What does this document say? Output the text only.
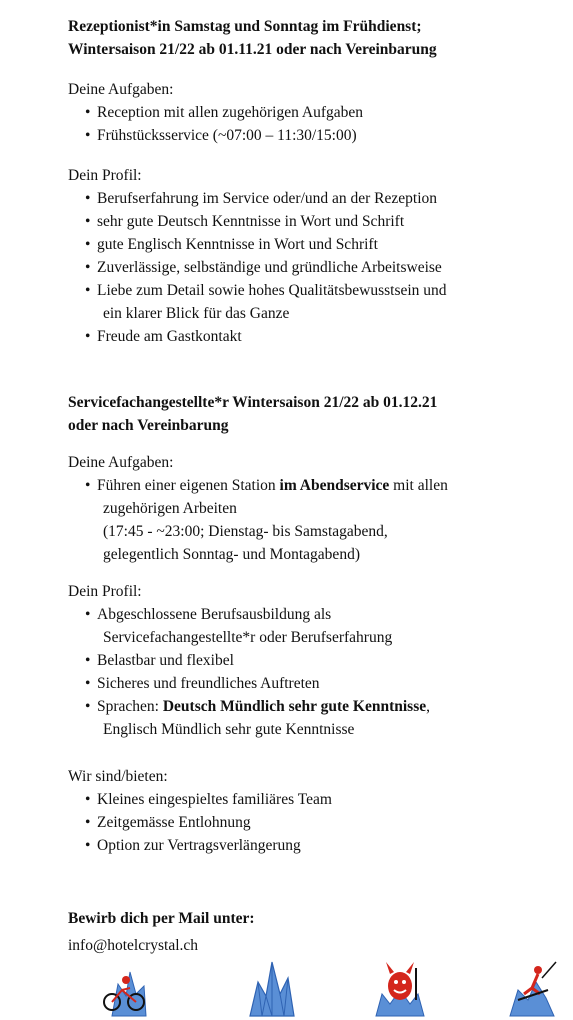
Rezeptionist*in Samstag und Sonntag im Frühdienst;
Wintersaison 21/22 ab 01.11.21 oder nach Vereinbarung
Deine Aufgaben:
• Reception mit allen zugehörigen Aufgaben
• Frühstücksservice (~07:00 – 11:30/15:00)
Dein Profil:
• Berufserfahrung im Service oder/und an der Rezeption
• sehr gute Deutsch Kenntnisse in Wort und Schrift
• gute Englisch Kenntnisse in Wort und Schrift
• Zuverlässige, selbständige und gründliche Arbeitsweise
• Liebe zum Detail sowie hohes Qualitätsbewusstsein und
ein klarer Blick für das Ganze
• Freude am Gastkontakt
Servicefachangestellte*r Wintersaison 21/22 ab 01.12.21
oder nach Vereinbarung
Deine Aufgaben:
• Führen einer eigenen Station im Abendservice mit allen
zugehörigen Arbeiten
(17:45 - ~23:00; Dienstag- bis Samstagabend,
gelegentlich Sonntag- und Montagabend)
Dein Profil:
• Abgeschlossene Berufsausbildung als
Servicefachangestellte*r oder Berufserfahrung
• Belastbar und flexibel
• Sicheres und freundliches Auftreten
• Sprachen: Deutsch Mündlich sehr gute Kenntnisse,
Englisch Mündlich sehr gute Kenntnisse
Wir sind/bieten:
• Kleines eingespieltes familiäres Team
• Zeitgemässe Entlohnung
• Option zur Vertragsverlängerung
Bewirb dich per Mail unter:
info@hotelcrystal.ch
